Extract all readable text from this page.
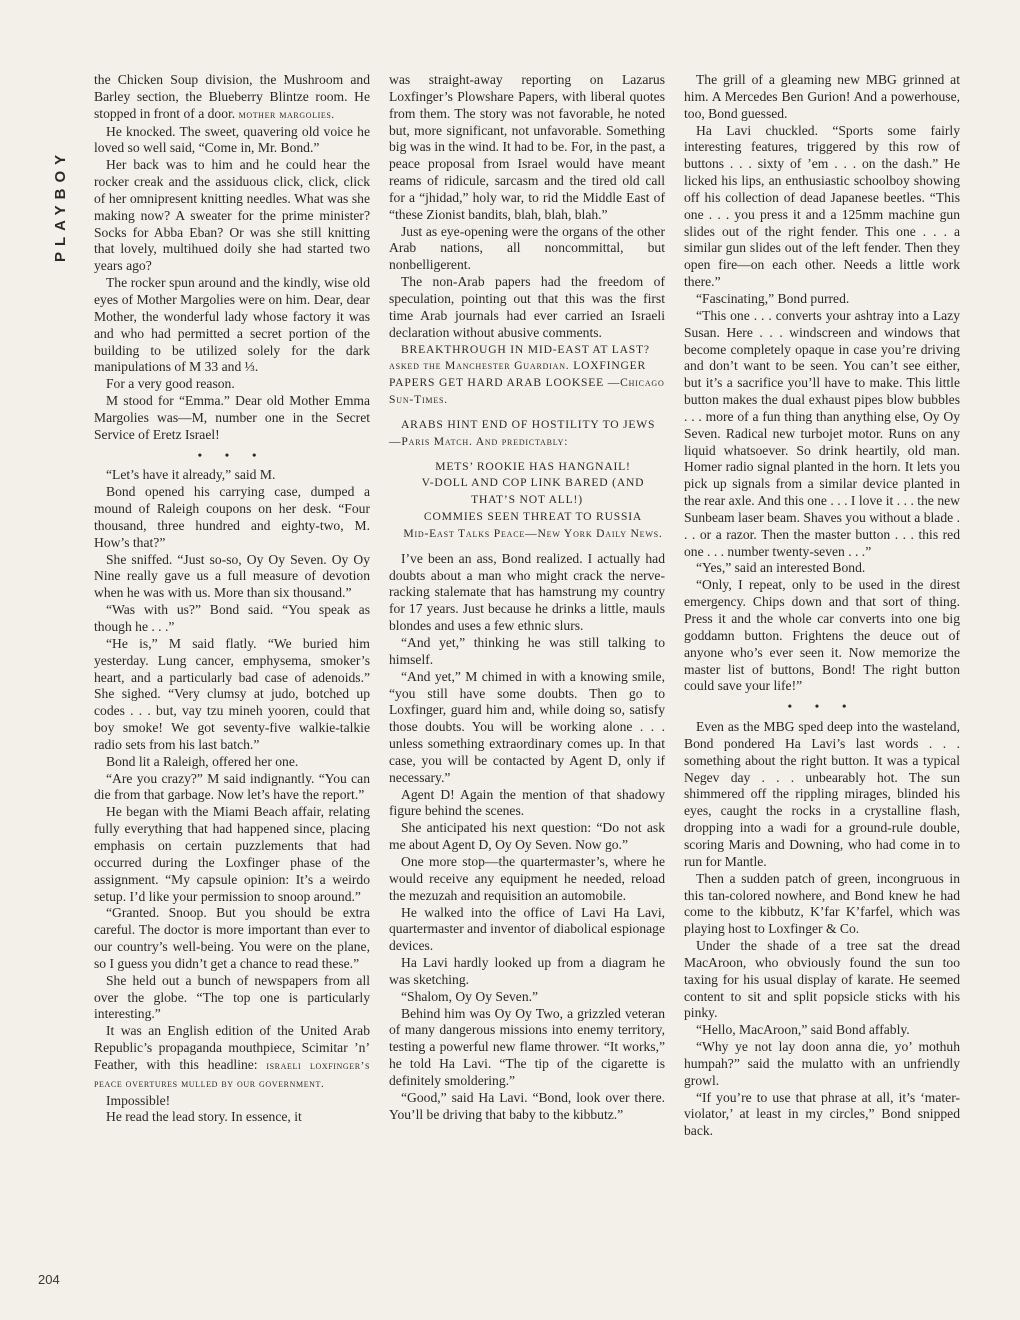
PLAYBOY

the Chicken Soup division, the Mushroom and Barley section, the Blueberry Blintze room. He stopped in front of a door. mother margolies.

He knocked. The sweet, quavering old voice he loved so well said, “Come in, Mr. Bond.”

Her back was to him and he could hear the rocker creak and the assiduous click, click, click of her omnipresent knitting needles. What was she making now? A sweater for the prime minister? Socks for Abba Eban? Or was she still knitting that lovely, multihued doily she had started two years ago?

The rocker spun around and the kindly, wise old eyes of Mother Margolies were on him. Dear, dear Mother, the wonderful lady whose factory it was and who had permitted a secret portion of the building to be utilized solely for the dark manipulations of M 33 and ⅓.

For a very good reason.

M stood for “Emma.” Dear old Mother Emma Margolies was—M, number one in the Secret Service of Eretz Israel!

• • •

“Let’s have it already,” said M.

Bond opened his carrying case, dumped a mound of Raleigh coupons on her desk. “Four thousand, three hundred and eighty-two, M. How’s that?”

She sniffed. “Just so-so, Oy Oy Seven. Oy Oy Nine really gave us a full measure of devotion when he was with us. More than six thousand.”

“Was with us?” Bond said. “You speak as though he . . .”

“He is,” M said flatly. “We buried him yesterday. Lung cancer, emphysema, smoker’s heart, and a particularly bad case of adenoids.” She sighed. “Very clumsy at judo, botched up codes . . . but, vay tzu mineh yooren, could that boy smoke! We got seventy-five walkie-talkie radio sets from his last batch.”

Bond lit a Raleigh, offered her one.

“Are you crazy?” M said indignantly. “You can die from that garbage. Now let’s have the report.”

He began with the Miami Beach affair, relating fully everything that had happened since, placing emphasis on certain puzzlements that had occurred during the Loxfinger phase of the assignment. “My capsule opinion: It’s a weirdo setup. I’d like your permission to snoop around.”

“Granted. Snoop. But you should be extra careful. The doctor is more important than ever to our country’s well-being. You were on the plane, so I guess you didn’t get a chance to read these.”

She held out a bunch of newspapers from all over the globe. “The top one is particularly interesting.”

It was an English edition of the United Arab Republic’s propaganda mouthpiece, Scimitar ’n’ Feather, with this headline: israeli loxfinger’s peace overtures mulled by our government.

Impossible!

He read the lead story. In essence, it

was straight-away reporting on Lazarus Loxfinger’s Plowshare Papers, with liberal quotes from them. The story was not favorable, he noted but, more significant, not unfavorable. Something big was in the wind. It had to be. For, in the past, a peace proposal from Israel would have meant reams of ridicule, sarcasm and the tired old call for a “jhidad,” holy war, to rid the Middle East of “these Zionist bandits, blah, blah, blah.”

Just as eye-opening were the organs of the other Arab nations, all noncommittal, but nonbelligerent.

The non-Arab papers had the freedom of speculation, pointing out that this was the first time Arab journals had ever carried an Israeli declaration without abusive comments.

BREAKTHROUGH IN MID-EAST AT LAST? asked the Manchester Guardian. LOXFINGER PAPERS GET HARD ARAB LOOKSEE —Chicago Sun-Times.

ARABS HINT END OF HOSTILITY TO JEWS —Paris Match. And predictably:

METS’ ROOKIE HAS HANGNAIL!

V-DOLL AND COP LINK BARED (AND THAT’S NOT ALL!)

COMMIES SEEN THREAT TO RUSSIA

Mid-East Talks Peace—New York Daily News.

I’ve been an ass, Bond realized. I actually had doubts about a man who might crack the nerve-racking stalemate that has hamstrung my country for 17 years. Just because he drinks a little, mauls blondes and uses a few ethnic slurs.

“And yet,” thinking he was still talking to himself.

“And yet,” M chimed in with a knowing smile, “you still have some doubts. Then go to Loxfinger, guard him and, while doing so, satisfy those doubts. You will be working alone . . . unless something extraordinary comes up. In that case, you will be contacted by Agent D, only if necessary.”

Agent D! Again the mention of that shadowy figure behind the scenes.

She anticipated his next question: “Do not ask me about Agent D, Oy Oy Seven. Now go.”

One more stop—the quartermaster’s, where he would receive any equipment he needed, reload the mezuzah and requisition an automobile.

He walked into the office of Lavi Ha Lavi, quartermaster and inventor of diabolical espionage devices.

Ha Lavi hardly looked up from a diagram he was sketching.

“Shalom, Oy Oy Seven.”

Behind him was Oy Oy Two, a grizzled veteran of many dangerous missions into enemy territory, testing a powerful new flame thrower. “It works,” he told Ha Lavi. “The tip of the cigarette is definitely smoldering.”

“Good,” said Ha Lavi. “Bond, look over there. You’ll be driving that baby to the kibbutz.”

The grill of a gleaming new MBG grinned at him. A Mercedes Ben Gurion! And a powerhouse, too, Bond guessed.

Ha Lavi chuckled. “Sports some fairly interesting features, triggered by this row of buttons . . . sixty of ’em . . . on the dash.” He licked his lips, an enthusiastic schoolboy showing off his collection of dead Japanese beetles. “This one . . . you press it and a 125mm machine gun slides out of the right fender. This one . . . a similar gun slides out of the left fender. Then they open fire—on each other. Needs a little work there.”

“Fascinating,” Bond purred.

“This one . . . converts your ashtray into a Lazy Susan. Here . . . windscreen and windows that become completely opaque in case you’re driving and don’t want to be seen. You can’t see either, but it’s a sacrifice you’ll have to make. This little button makes the dual exhaust pipes blow bubbles . . . more of a fun thing than anything else, Oy Oy Seven. Radical new turbojet motor. Runs on any liquid whatsoever. So drink heartily, old man. Homer radio signal planted in the horn. It lets you pick up signals from a similar device planted in the rear axle. And this one . . . I love it . . . the new Sunbeam laser beam. Shaves you without a blade . . . or a razor. Then the master button . . . this red one . . . number twenty-seven . . .”

“Yes,” said an interested Bond.

“Only, I repeat, only to be used in the direst emergency. Chips down and that sort of thing. Press it and the whole car converts into one big goddamn button. Frightens the deuce out of anyone who’s ever seen it. Now memorize the master list of buttons, Bond! The right button could save your life!”

• • •

Even as the MBG sped deep into the wasteland, Bond pondered Ha Lavi’s last words . . . something about the right button. It was a typical Negev day . . . unbearably hot. The sun shimmered off the rippling mirages, blinded his eyes, caught the rocks in a crystalline flash, dropping into a wadi for a ground-rule double, scoring Maris and Downing, who had come in to run for Mantle.

Then a sudden patch of green, incongruous in this tan-colored nowhere, and Bond knew he had come to the kibbutz, K’far K’farfel, which was playing host to Loxfinger & Co.

Under the shade of a tree sat the dread MacAroon, who obviously found the sun too taxing for his usual display of karate. He seemed content to sit and split popsicle sticks with his pinky.

“Hello, MacAroon,” said Bond affably.

“Why ye not lay doon anna die, yo’ mothuh humpah?” said the mulatto with an unfriendly growl.

“If you’re to use that phrase at all, it’s ‘mater-violator,’ at least in my circles,” Bond snipped back.

204
